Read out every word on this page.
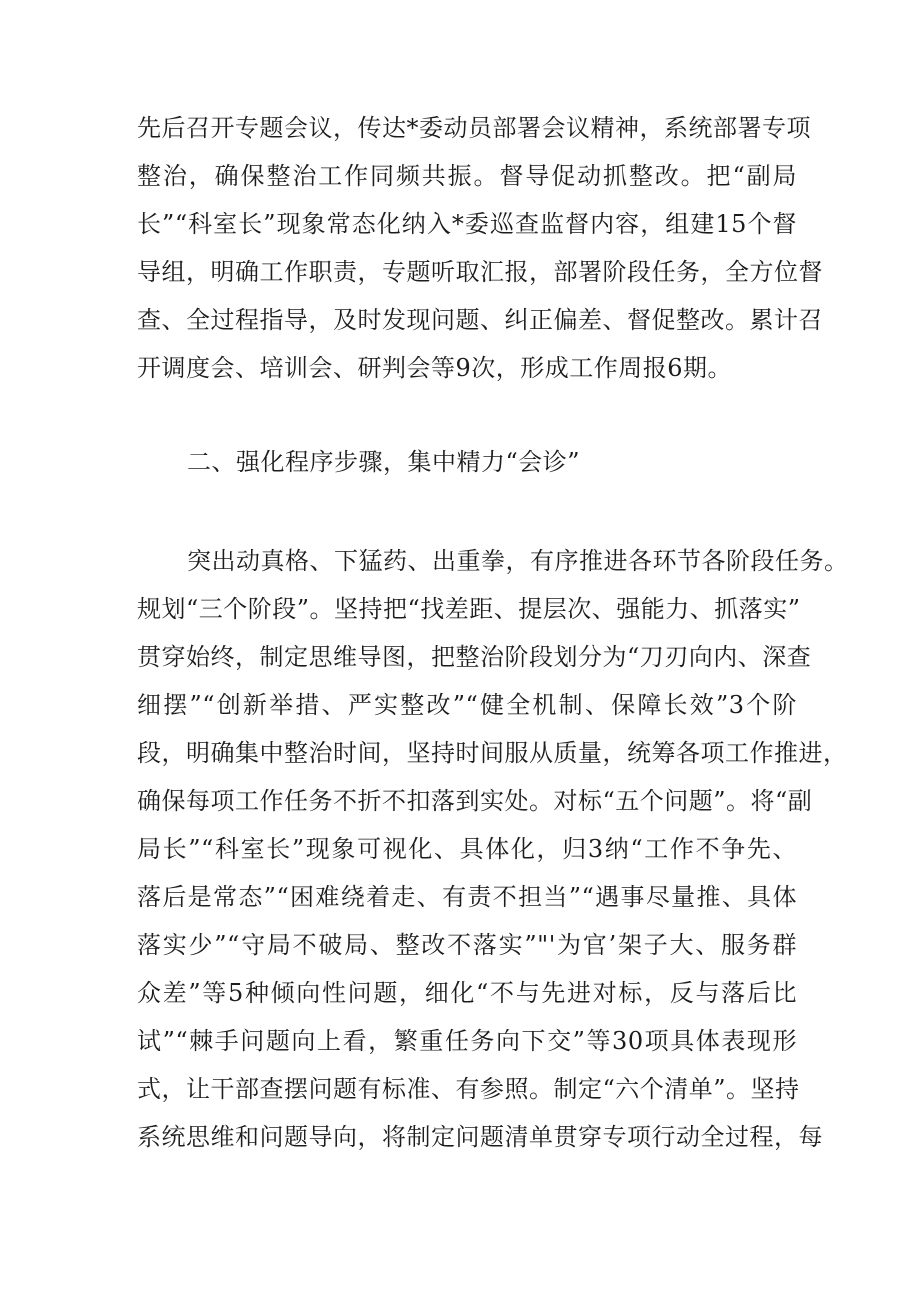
先后召开专题会议，传达*委动员部署会议精神，系统部署专项
整治，确保整治工作同频共振。督导促动抓整改。把“副局
长”“科室长”现象常态化纳入*委巡查监督内容，组建15个督
导组，明确工作职责，专题听取汇报，部署阶段任务，全方位督
查、全过程指导，及时发现问题、纠正偏差、督促整改。累计召
开调度会、培训会、研判会等9次，形成工作周报6期。
二、强化程序步骤，集中精力“会诊”
突出动真格、下猛药、出重拳，有序推进各环节各阶段任务。
规划“三个阶段”。坚持把“找差距、提层次、强能力、抓落实”
贯穿始终，制定思维导图，把整治阶段划分为“刀刃向内、深查
细摆”“创新举措、严实整改”“健全机制、保障长效”3个阶
段，明确集中整治时间，坚持时间服从质量，统筹各项工作推进，
确保每项工作任务不折不扣落到实处。对标“五个问题”。将“副
局长”“科室长”现象可视化、具体化，归3纳“工作不争先、
落后是常态”“困难绕着走、有责不担当”“遇事尽量推、具体
落实少”“守局不破局、整改不落实”"'为官’架子大、服务群
众差”等5种倾向性问题，细化“不与先进对标，反与落后比
试”“棘手问题向上看，繁重任务向下交”等30项具体表现形
式，让干部查摆问题有标准、有参照。制定“六个清单”。坚持
系统思维和问题导向，将制定问题清单贯穿专项行动全过程，每
